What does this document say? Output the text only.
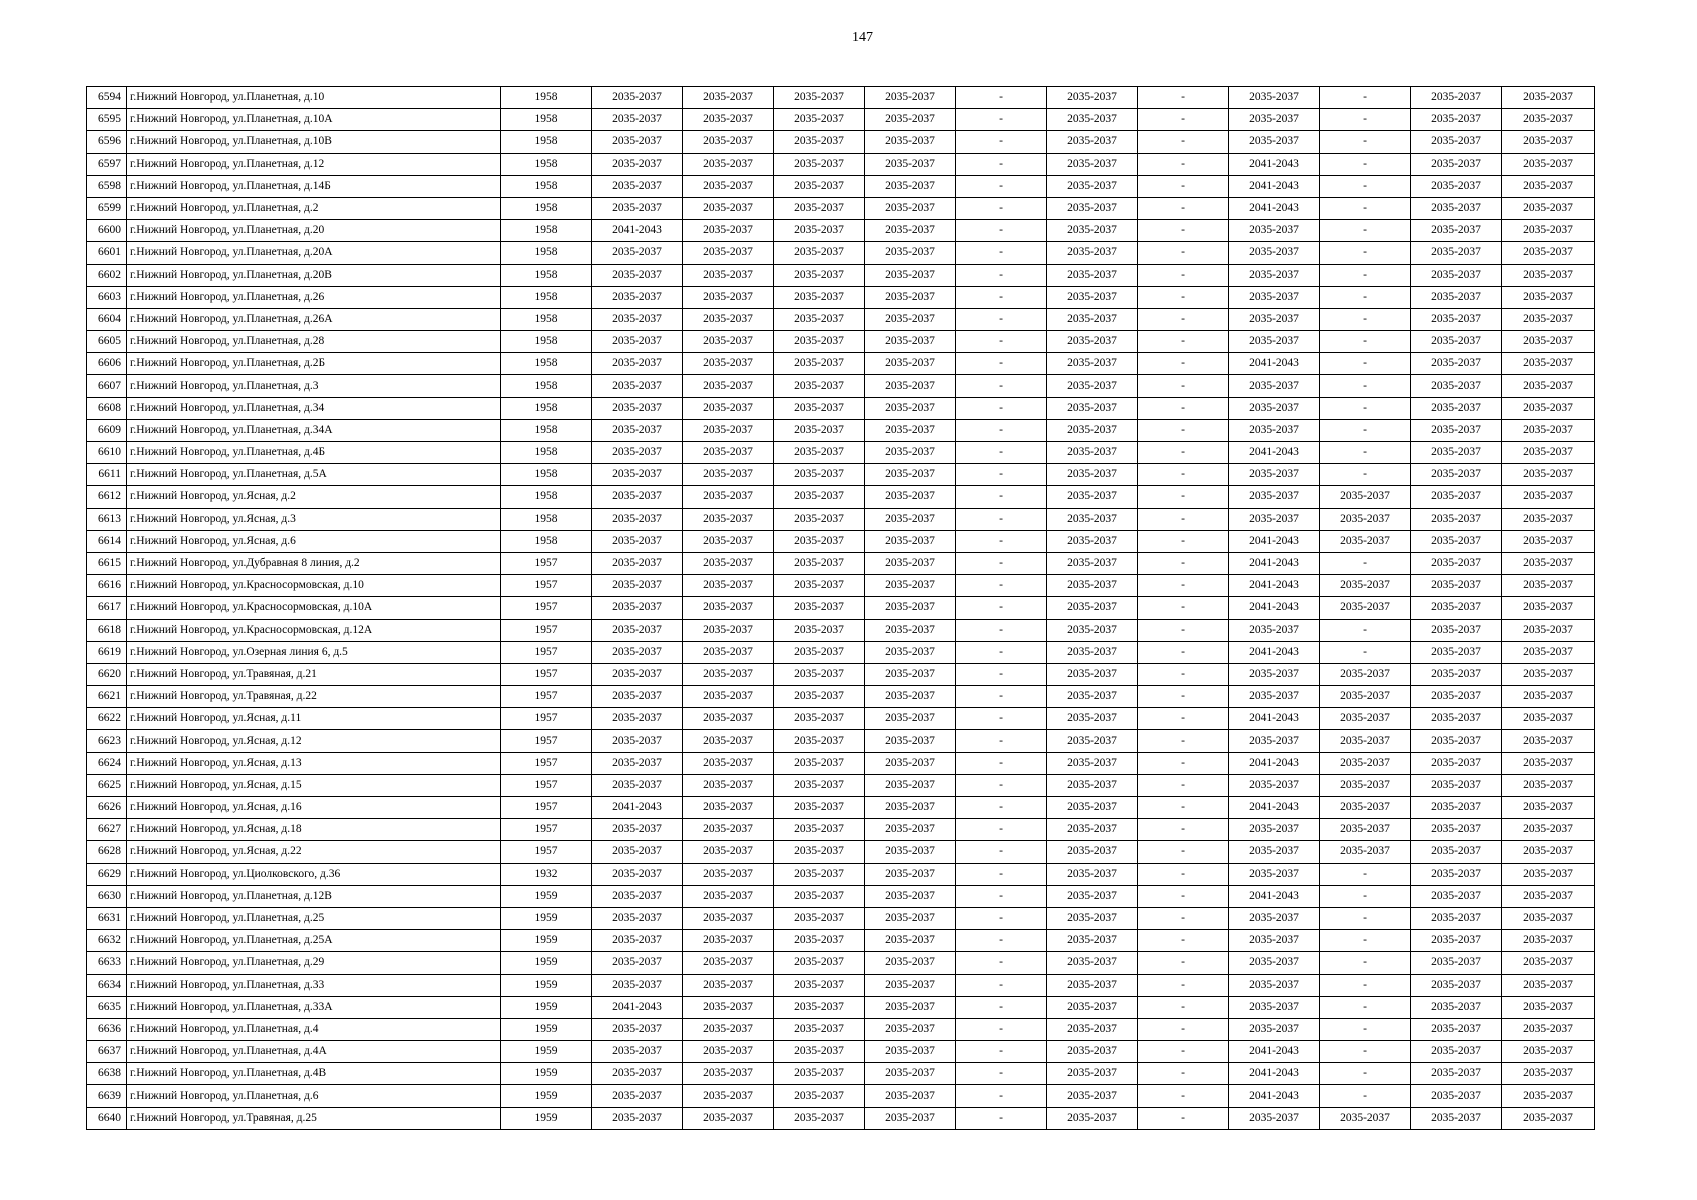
147
6594	г.Нижний Новгород, ул.Планетная, д.10	1958	2035-2037	2035-2037	2035-2037	2035-2037	-	2035-2037	-	2035-2037	-	2035-2037	2035-2037
6595	г.Нижний Новгород, ул.Планетная, д.10А	1958	2035-2037	2035-2037	2035-2037	2035-2037	-	2035-2037	-	2035-2037	-	2035-2037	2035-2037
6596	г.Нижний Новгород, ул.Планетная, д.10В	1958	2035-2037	2035-2037	2035-2037	2035-2037	-	2035-2037	-	2035-2037	-	2035-2037	2035-2037
6597	г.Нижний Новгород, ул.Планетная, д.12	1958	2035-2037	2035-2037	2035-2037	2035-2037	-	2035-2037	-	2041-2043	-	2035-2037	2035-2037
6598	г.Нижний Новгород, ул.Планетная, д.14Б	1958	2035-2037	2035-2037	2035-2037	2035-2037	-	2035-2037	-	2041-2043	-	2035-2037	2035-2037
6599	г.Нижний Новгород, ул.Планетная, д.2	1958	2035-2037	2035-2037	2035-2037	2035-2037	-	2035-2037	-	2041-2043	-	2035-2037	2035-2037
6600	г.Нижний Новгород, ул.Планетная, д.20	1958	2041-2043	2035-2037	2035-2037	2035-2037	-	2035-2037	-	2035-2037	-	2035-2037	2035-2037
6601	г.Нижний Новгород, ул.Планетная, д.20А	1958	2035-2037	2035-2037	2035-2037	2035-2037	-	2035-2037	-	2035-2037	-	2035-2037	2035-2037
6602	г.Нижний Новгород, ул.Планетная, д.20В	1958	2035-2037	2035-2037	2035-2037	2035-2037	-	2035-2037	-	2035-2037	-	2035-2037	2035-2037
6603	г.Нижний Новгород, ул.Планетная, д.26	1958	2035-2037	2035-2037	2035-2037	2035-2037	-	2035-2037	-	2035-2037	-	2035-2037	2035-2037
6604	г.Нижний Новгород, ул.Планетная, д.26А	1958	2035-2037	2035-2037	2035-2037	2035-2037	-	2035-2037	-	2035-2037	-	2035-2037	2035-2037
6605	г.Нижний Новгород, ул.Планетная, д.28	1958	2035-2037	2035-2037	2035-2037	2035-2037	-	2035-2037	-	2035-2037	-	2035-2037	2035-2037
6606	г.Нижний Новгород, ул.Планетная, д.2Б	1958	2035-2037	2035-2037	2035-2037	2035-2037	-	2035-2037	-	2041-2043	-	2035-2037	2035-2037
6607	г.Нижний Новгород, ул.Планетная, д.3	1958	2035-2037	2035-2037	2035-2037	2035-2037	-	2035-2037	-	2035-2037	-	2035-2037	2035-2037
6608	г.Нижний Новгород, ул.Планетная, д.34	1958	2035-2037	2035-2037	2035-2037	2035-2037	-	2035-2037	-	2035-2037	-	2035-2037	2035-2037
6609	г.Нижний Новгород, ул.Планетная, д.34А	1958	2035-2037	2035-2037	2035-2037	2035-2037	-	2035-2037	-	2035-2037	-	2035-2037	2035-2037
6610	г.Нижний Новгород, ул.Планетная, д.4Б	1958	2035-2037	2035-2037	2035-2037	2035-2037	-	2035-2037	-	2041-2043	-	2035-2037	2035-2037
6611	г.Нижний Новгород, ул.Планетная, д.5А	1958	2035-2037	2035-2037	2035-2037	2035-2037	-	2035-2037	-	2035-2037	-	2035-2037	2035-2037
6612	г.Нижний Новгород, ул.Ясная, д.2	1958	2035-2037	2035-2037	2035-2037	2035-2037	-	2035-2037	-	2035-2037	2035-2037	2035-2037	2035-2037
6613	г.Нижний Новгород, ул.Ясная, д.3	1958	2035-2037	2035-2037	2035-2037	2035-2037	-	2035-2037	-	2035-2037	2035-2037	2035-2037	2035-2037
6614	г.Нижний Новгород, ул.Ясная, д.6	1958	2035-2037	2035-2037	2035-2037	2035-2037	-	2035-2037	-	2041-2043	2035-2037	2035-2037	2035-2037
6615	г.Нижний Новгород, ул.Дубравная 8 линия, д.2	1957	2035-2037	2035-2037	2035-2037	2035-2037	-	2035-2037	-	2041-2043	-	2035-2037	2035-2037
6616	г.Нижний Новгород, ул.Красносормовская, д.10	1957	2035-2037	2035-2037	2035-2037	2035-2037	-	2035-2037	-	2041-2043	2035-2037	2035-2037	2035-2037
6617	г.Нижний Новгород, ул.Красносормовская, д.10А	1957	2035-2037	2035-2037	2035-2037	2035-2037	-	2035-2037	-	2041-2043	2035-2037	2035-2037	2035-2037
6618	г.Нижний Новгород, ул.Красносормовская, д.12А	1957	2035-2037	2035-2037	2035-2037	2035-2037	-	2035-2037	-	2035-2037	-	2035-2037	2035-2037
6619	г.Нижний Новгород, ул.Озерная линия 6, д.5	1957	2035-2037	2035-2037	2035-2037	2035-2037	-	2035-2037	-	2041-2043	-	2035-2037	2035-2037
6620	г.Нижний Новгород, ул.Травяная, д.21	1957	2035-2037	2035-2037	2035-2037	2035-2037	-	2035-2037	-	2035-2037	2035-2037	2035-2037	2035-2037
6621	г.Нижний Новгород, ул.Травяная, д.22	1957	2035-2037	2035-2037	2035-2037	2035-2037	-	2035-2037	-	2035-2037	2035-2037	2035-2037	2035-2037
6622	г.Нижний Новгород, ул.Ясная, д.11	1957	2035-2037	2035-2037	2035-2037	2035-2037	-	2035-2037	-	2041-2043	2035-2037	2035-2037	2035-2037
6623	г.Нижний Новгород, ул.Ясная, д.12	1957	2035-2037	2035-2037	2035-2037	2035-2037	-	2035-2037	-	2035-2037	2035-2037	2035-2037	2035-2037
6624	г.Нижний Новгород, ул.Ясная, д.13	1957	2035-2037	2035-2037	2035-2037	2035-2037	-	2035-2037	-	2041-2043	2035-2037	2035-2037	2035-2037
6625	г.Нижний Новгород, ул.Ясная, д.15	1957	2035-2037	2035-2037	2035-2037	2035-2037	-	2035-2037	-	2035-2037	2035-2037	2035-2037	2035-2037
6626	г.Нижний Новгород, ул.Ясная, д.16	1957	2041-2043	2035-2037	2035-2037	2035-2037	-	2035-2037	-	2041-2043	2035-2037	2035-2037	2035-2037
6627	г.Нижний Новгород, ул.Ясная, д.18	1957	2035-2037	2035-2037	2035-2037	2035-2037	-	2035-2037	-	2035-2037	2035-2037	2035-2037	2035-2037
6628	г.Нижний Новгород, ул.Ясная, д.22	1957	2035-2037	2035-2037	2035-2037	2035-2037	-	2035-2037	-	2035-2037	2035-2037	2035-2037	2035-2037
6629	г.Нижний Новгород, ул.Циолковского, д.36	1932	2035-2037	2035-2037	2035-2037	2035-2037	-	2035-2037	-	2035-2037	-	2035-2037	2035-2037
6630	г.Нижний Новгород, ул.Планетная, д.12В	1959	2035-2037	2035-2037	2035-2037	2035-2037	-	2035-2037	-	2041-2043	-	2035-2037	2035-2037
6631	г.Нижний Новгород, ул.Планетная, д.25	1959	2035-2037	2035-2037	2035-2037	2035-2037	-	2035-2037	-	2035-2037	-	2035-2037	2035-2037
6632	г.Нижний Новгород, ул.Планетная, д.25А	1959	2035-2037	2035-2037	2035-2037	2035-2037	-	2035-2037	-	2035-2037	-	2035-2037	2035-2037
6633	г.Нижний Новгород, ул.Планетная, д.29	1959	2035-2037	2035-2037	2035-2037	2035-2037	-	2035-2037	-	2035-2037	-	2035-2037	2035-2037
6634	г.Нижний Новгород, ул.Планетная, д.33	1959	2035-2037	2035-2037	2035-2037	2035-2037	-	2035-2037	-	2035-2037	-	2035-2037	2035-2037
6635	г.Нижний Новгород, ул.Планетная, д.33А	1959	2041-2043	2035-2037	2035-2037	2035-2037	-	2035-2037	-	2035-2037	-	2035-2037	2035-2037
6636	г.Нижний Новгород, ул.Планетная, д.4	1959	2035-2037	2035-2037	2035-2037	2035-2037	-	2035-2037	-	2035-2037	-	2035-2037	2035-2037
6637	г.Нижний Новгород, ул.Планетная, д.4А	1959	2035-2037	2035-2037	2035-2037	2035-2037	-	2035-2037	-	2041-2043	-	2035-2037	2035-2037
6638	г.Нижний Новгород, ул.Планетная, д.4В	1959	2035-2037	2035-2037	2035-2037	2035-2037	-	2035-2037	-	2041-2043	-	2035-2037	2035-2037
6639	г.Нижний Новгород, ул.Планетная, д.6	1959	2035-2037	2035-2037	2035-2037	2035-2037	-	2035-2037	-	2041-2043	-	2035-2037	2035-2037
6640	г.Нижний Новгород, ул.Травяная, д.25	1959	2035-2037	2035-2037	2035-2037	2035-2037	-	2035-2037	-	2035-2037	2035-2037	2035-2037	2035-2037
